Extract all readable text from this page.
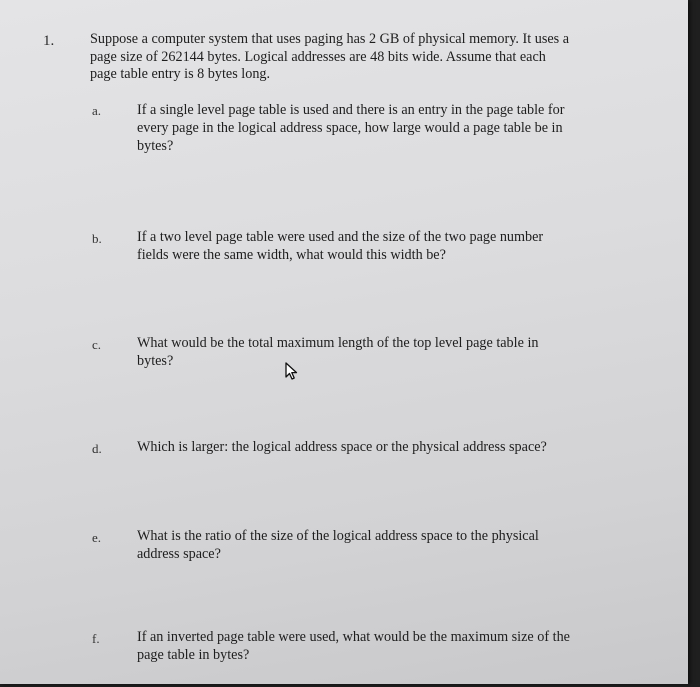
1.	Suppose a computer system that uses paging has 2 GB of physical memory. It uses a page size of 262144 bytes. Logical addresses are 48 bits wide. Assume that each page table entry is 8 bytes long.
a.	If a single level page table is used and there is an entry in the page table for every page in the logical address space, how large would a page table be in bytes?
b. If a two level page table were used and the size of the two page number fields were the same width, what would this width be?
c.	What would be the total maximum length of the top level page table in bytes?
d. Which is larger: the logical address space or the physical address space?
e.	What is the ratio of the size of the logical address space to the physical address space?
f.	If an inverted page table were used, what would be the maximum size of the page table in bytes?
